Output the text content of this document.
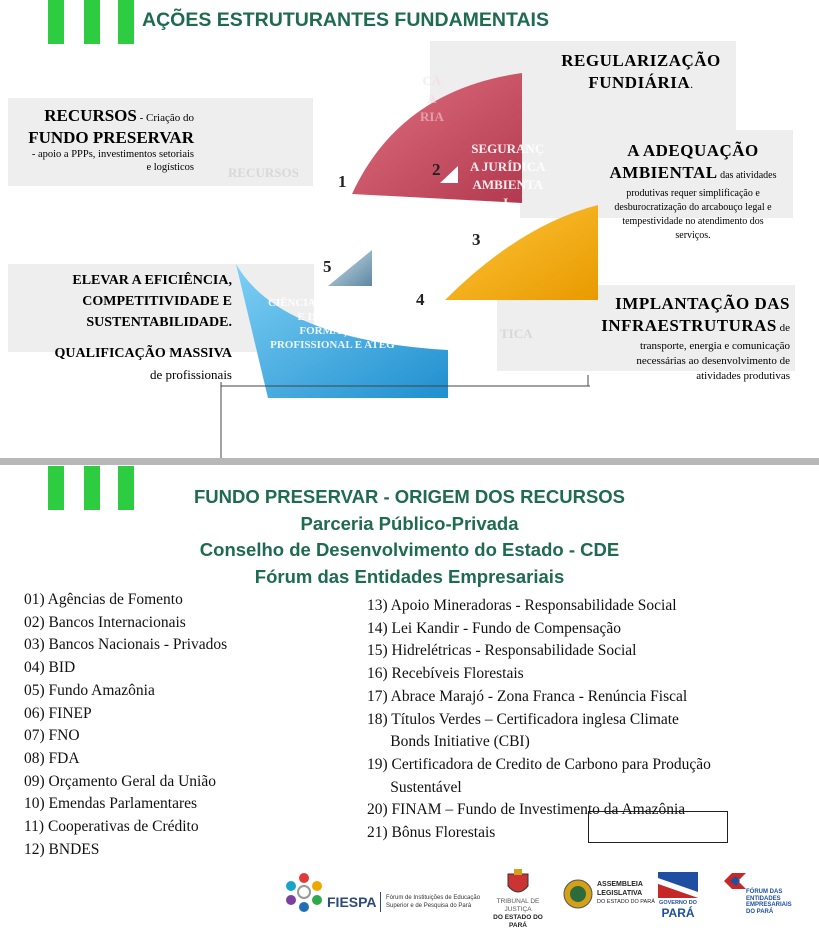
AÇÕES ESTRUTURANTES FUNDAMENTAIS
CA
A
RIA
RECURSOS
SEGURANÇ
A JURÍDICA
AMBIENTA
L
TICA
CIÊNCIA, TECNOLOGIA
E INOVAÇÃO
FORMAÇÃO
PROFISSIONAL E ATEG
1
2
3
4
5
RECURSOS - Criação do
FUNDO PRESERVAR
- apoio a PPPs, investimentos setoriais
e logísticos
REGULARIZAÇÃO
FUNDIÁRIA.
A ADEQUAÇÃO
AMBIENTAL das atividades
produtivas requer simplificação e
desburocratização do arcabouço legal e
tempestividade no atendimento dos
serviços.
ELEVAR A EFICIÊNCIA,
COMPETITIVIDADE E
SUSTENTABILIDADE.
QUALIFICAÇÃO MASSIVA
de profissionais
IMPLANTAÇÃO DAS
INFRAESTRUTURAS de
transporte, energia e comunicação
necessárias ao desenvolvimento de
atividades produtivas
FUNDO PRESERVAR - ORIGEM DOS RECURSOS
Parceria Público-Privada
Conselho de Desenvolvimento do Estado - CDE
Fórum das Entidades Empresariais
01) Agências de Fomento
02) Bancos Internacionais
03) Bancos Nacionais - Privados
04) BID
05) Fundo Amazônia
06) FINEP
07) FNO
08) FDA
09) Orçamento Geral da União
10) Emendas Parlamentares
11) Cooperativas de Crédito
12) BNDES
13) Apoio Mineradoras - Responsabilidade Social
14) Lei Kandir - Fundo de Compensação
15) Hidrelétricas - Responsabilidade Social
16) Recebíveis Florestais
17) Abrace Marajó - Zona Franca - Renúncia Fiscal
18) Títulos Verdes – Certificadora inglesa Climate
Bonds Initiative (CBI)
19) Certificadora de Credito de Carbono para Produção
Sustentável
20) FINAM – Fundo de Investimento da Amazônia
21) Bônus Florestais
FIESPA Fórum de Instituições de Educação
Superior e de Pesquisa do Pará
TRIBUNAL DE JUSTIÇA
DO ESTADO DO PARÁ
ASSEMBLEIA
LEGISLATIVA
DO ESTADO DO PARÁ GOVERNO DO
PARÁ
FÓRUM DAS
ENTIDADES
EMPRESARIAIS
DO PARÁ
